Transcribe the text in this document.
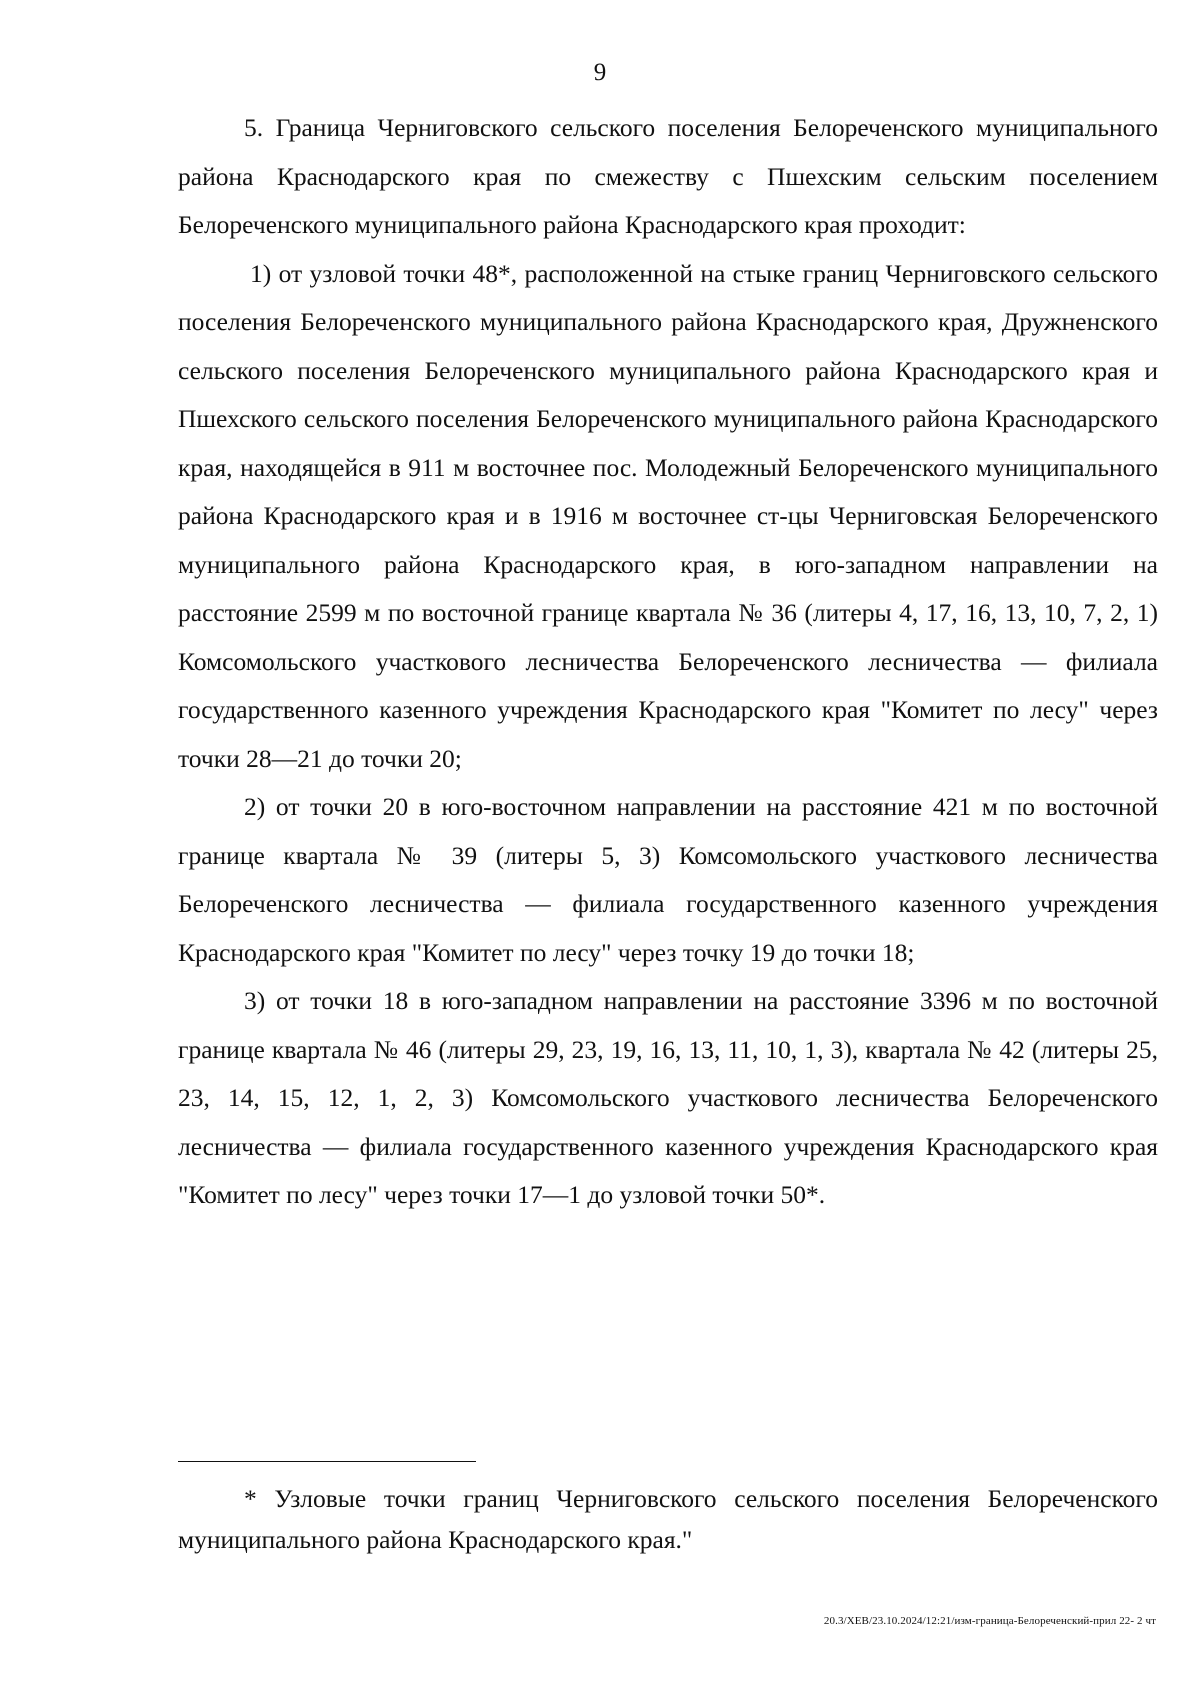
9

5. Граница Черниговского сельского поселения Белореченского муниципального района Краснодарского края по смежеству с Пшехским сельским поселением Белореченского муниципального района Краснодарского края проходит:

1) от узловой точки 48*, расположенной на стыке границ Черниговского сельского поселения Белореченского муниципального района Краснодарского края, Дружненского сельского поселения Белореченского муниципального района Краснодарского края и Пшехского сельского поселения Белореченского муниципального района Краснодарского края, находящейся в 911 м восточнее пос. Молодежный Белореченского муниципального района Краснодарского края и в 1916 м восточнее ст-цы Черниговская Белореченского муниципального района Краснодарского края, в юго-западном направлении на расстояние 2599 м по восточной границе квартала № 36 (литеры 4, 17, 16, 13, 10, 7, 2, 1) Комсомольского участкового лесничества Белореченского лесничества — филиала государственного казенного учреждения Краснодарского края "Комитет по лесу" через точки 28—21 до точки 20;

2) от точки 20 в юго-восточном направлении на расстояние 421 м по восточной границе квартала № 39 (литеры 5, 3) Комсомольского участкового лесничества Белореченского лесничества — филиала государственного казенного учреждения Краснодарского края "Комитет по лесу" через точку 19 до точки 18;

3) от точки 18 в юго-западном направлении на расстояние 3396 м по восточной границе квартала № 46 (литеры 29, 23, 19, 16, 13, 11, 10, 1, 3), квартала № 42 (литеры 25, 23, 14, 15, 12, 1, 2, 3) Комсомольского участкового лесничества Белореченского лесничества — филиала государственного казенного учреждения Краснодарского края "Комитет по лесу" через точки 17—1 до узловой точки 50*.

* Узловые точки границ Черниговского сельского поселения Белореченского муниципального района Краснодарского края."

20.3/ХЕВ/23.10.2024/12:21/изм-граница-Белореченский-прил 22- 2 чт
